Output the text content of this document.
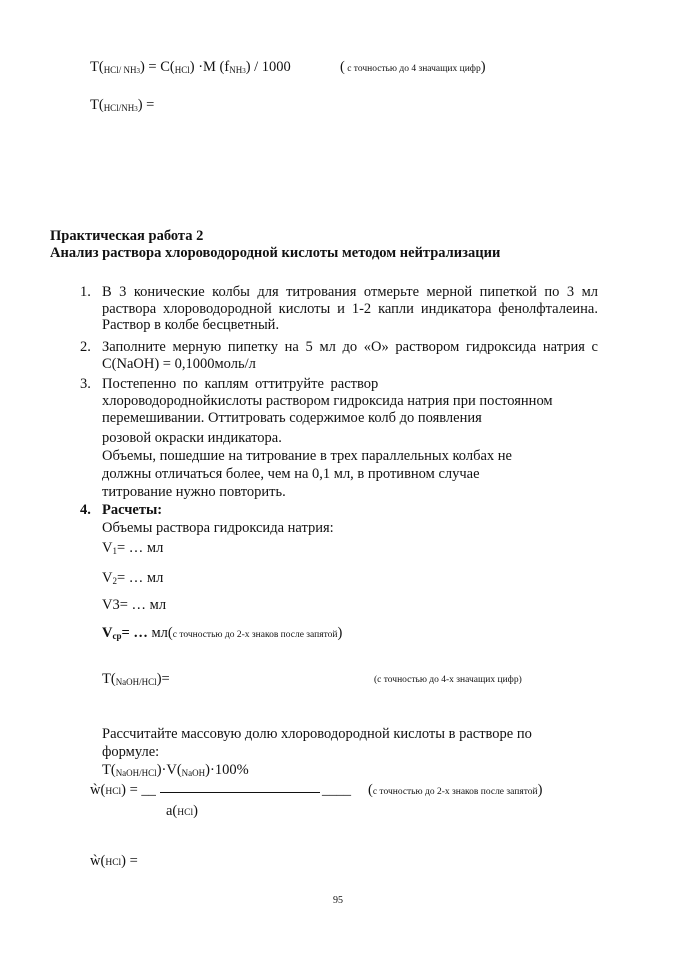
$T(_{HCl/ NH3}) = C(_{HCl}) \cdot M$ $(f_{NH3}) / 1000$	( с точностью до 4 значащих цифр)
$T(_{HCl/NH3})$ =
Практическая работа 2
Анализ раствора хлороводородной кислоты методом нейтрализации
1. В 3 конические колбы для титрования отмерьте мерной пипеткой по 3 мл раствора хлороводородной кислоты и 1-2 капли индикатора фенолфталеина. Раствор в колбе бесцветный.
2. Заполните мерную пипетку на 5 мл до «О» раствором гидроксида натрия с C(NaOH) = 0,1000моль/л
3. Постепенно по каплям оттитруйте раствор
хлороводороднойкислоты раствором гидроксида натрия при постоянном
перемешивании. Оттитровать содержимое колб до появления
розовой окраски индикатора.
Объемы, пошедшие на титрование в трех параллельных колбах не
должны отличаться более, чем на 0,1 мл, в противном случае
титрование нужно повторить.
4. Расчеты:
Объемы раствора гидроксида натрия:
$V_1=$ … мл
$V_2=$ … мл
V3= … мл
$V_{ср}=$ … мл(с точностью до 2-х знаков после запятой)
$T(_{NaOH/HCl})=$	(с точностью до 4-х значащих цифр)
Рассчитайте массовую долю хлороводородной кислоты в растворе по
формуле:
$T(_{NaOH/HCl})\cdot V(_{NaOH})\cdot 100\%$
ẁ(HCl) = __	____ (с точностью до 2-х знаков после запятой)
a(HCl)
ẁ(HCl) =
95
